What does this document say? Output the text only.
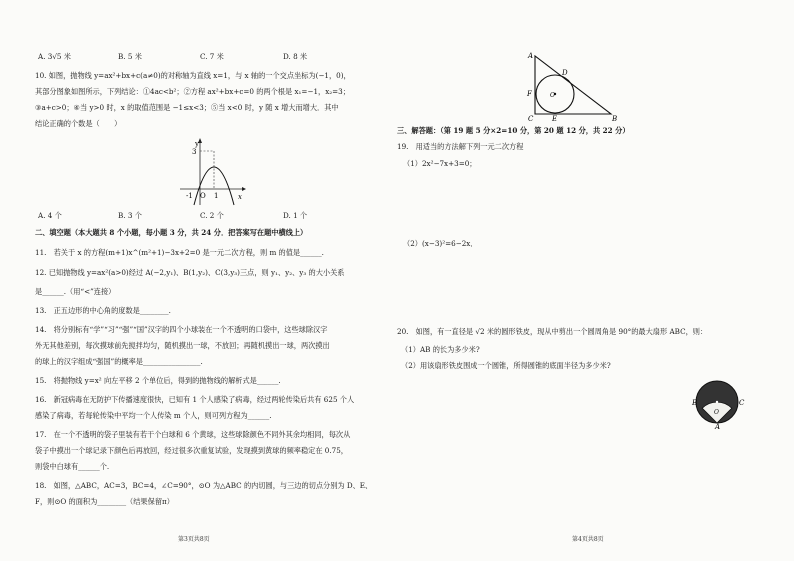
A. 3√5 米	B. 5 米	C. 7 米	D. 8 米
10. 如图，抛物线 y=ax²+bx+c(a≠0)的对称轴为直线 x=1，与 x 轴的一个交点坐标为(−1，0)，
其部分图象如图所示，下列结论：①4ac<b²；②方程 ax²+bx+c=0 的两个根是 x₁=−1，x₂=3；
③a+c>0；④当 y>0 时，x 的取值范围是 −1≤x<3；⑤当 x<0 时，y 随 x 增大而增大．其中
结论正确的个数是（　　）
y
3
x
-1 O 1
A. 4 个	B. 3 个	C. 2 个	D. 1 个
二、填空题（本大题共 8 个小题，每小题 3 分，共 24 分．把答案写在题中横线上）
11.　若关于 x 的方程(m+1)x^(m²+1)−3x+2=0 是一元二次方程，则 m 的值是______.
12. 已知抛物线 y=ax²(a>0)经过 A(−2,y₁)、B(1,y₂)、C(3,y₃)三点，则 y₁、y₂、y₃ 的大小关系
是______.（用“<”连接）
13.　正五边形的中心角的度数是________.
14.　将分别标有“学”“习”“强”“国”汉字的四个小球装在一个不透明的口袋中，这些球除汉字
外无其他差别，每次摸球前先搅拌均匀，随机摸出一球，不放回；再随机摸出一球，两次摸出
的球上的汉字组成“强国”的概率是________________.
15.　将抛物线 y=x² 向左平移 2 个单位后，得到的抛物线的解析式是______.
16.　新冠病毒在无防护下传播速度很快，已知有 1 个人感染了病毒，经过两轮传染后共有 625 个人
感染了病毒，若每轮传染中平均一个人传染 m 个人，则可列方程为______.
17.　在一个不透明的袋子里装有若干个白球和 6 个黄球，这些球除颜色不同外其余均相同，每次从
袋子中摸出一个球记录下颜色后再放回，经过很多次重复试验，发现摸到黄球的频率稳定在 0.75，
则袋中白球有______个.
18.　如图，△ABC，AC=3，BC=4，∠C=90°，⊙O 为△ABC 的内切圆，与三边的切点分别为 D、E、
F，则⊙O 的面积为________（结果保留π）
第3页共8页
A
D
F	O
C	E	B
三、解答题：（第 19 题 5 分×2=10 分，第 20 题 12 分，共 22 分）
19.　用适当的方法解下列一元二次方程
（1）2x²−7x+3=0；
（2）(x−3)²=6−2x．
20.　如图，有一直径是 √2 米的圆形铁皮，现从中剪出一个圆周角是 90°的最大扇形 ABC，则：
（1）AB 的长为多少米?
（2）用该扇形铁皮围成一个圆锥，所得圆锥的底面半径为多少米?
B	C
O
A
第4页共8页
